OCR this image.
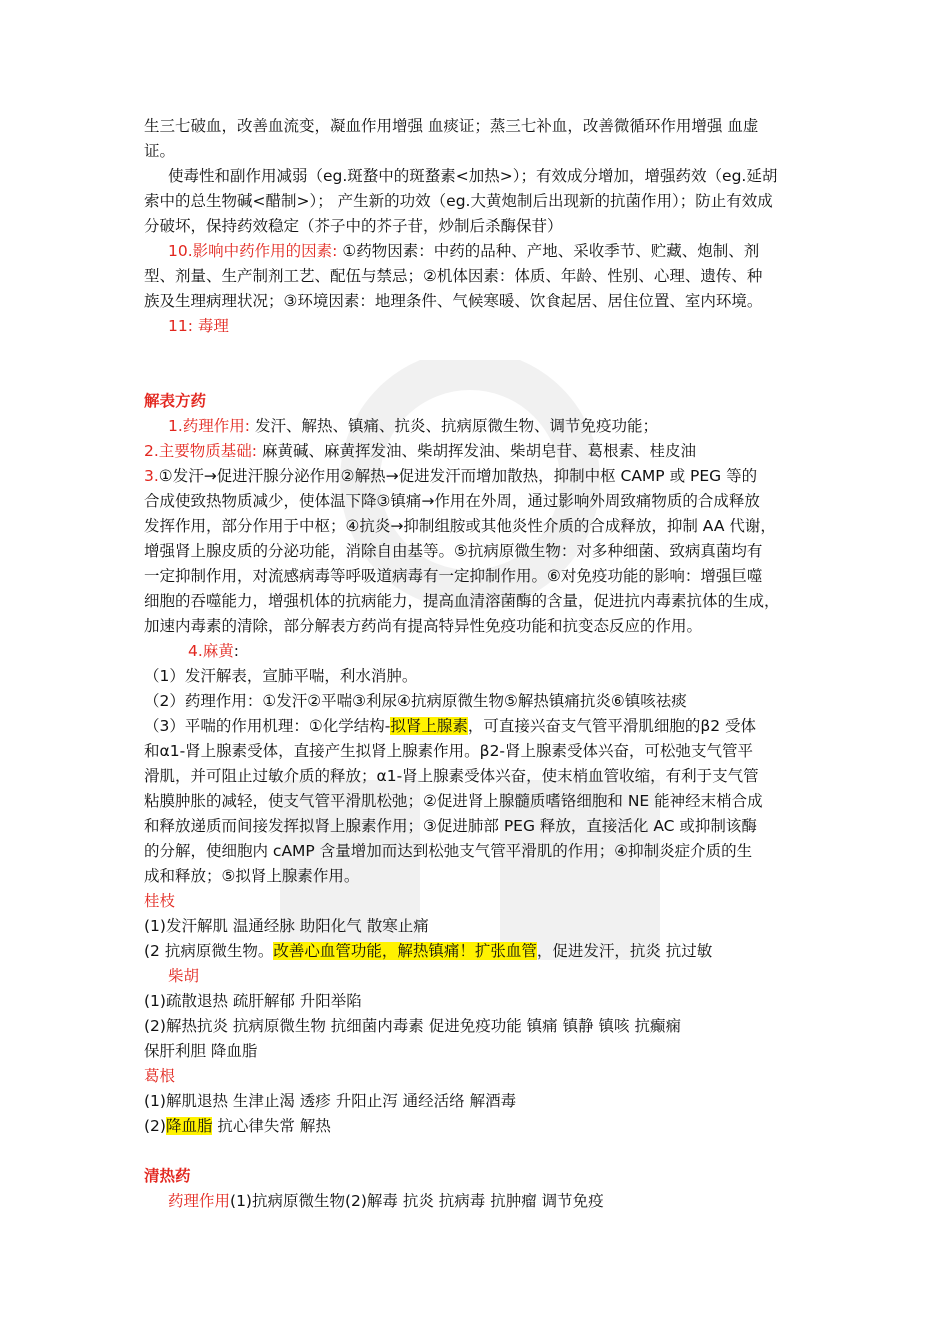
生三七破血，改善血流变，凝血作用增强 血痰证；蒸三七补血，改善微循环作用增强 血虚
证。
使毒性和副作用减弱（eg.斑蝥中的斑蝥素<加热>）；有效成分增加，增强药效（eg.延胡
索中的总生物碱<醋制>）； 产生新的功效（eg.大黄炮制后出现新的抗菌作用）；防止有效成
分破坏，保持药效稳定（芥子中的芥子苷，炒制后杀酶保苷）
10.影响中药作用的因素: ①药物因素：中药的品种、产地、采收季节、贮藏、炮制、剂
型、剂量、生产制剂工艺、配伍与禁忌；②机体因素：体质、年龄、性别、心理、遗传、种
族及生理病理状况；③环境因素：地理条件、气候寒暖、饮食起居、居住位置、室内环境。
11: 毒理
解表方药
1.药理作用: 发汗、解热、镇痛、抗炎、抗病原微生物、调节免疫功能；
2.主要物质基础: 麻黄碱、麻黄挥发油、柴胡挥发油、柴胡皂苷、葛根素、桂皮油
3.①发汗→促进汗腺分泌作用②解热→促进发汗而增加散热，抑制中枢 CAMP 或 PEG 等的
合成使致热物质减少，使体温下降③镇痛→作用在外周，通过影响外周致痛物质的合成释放
发挥作用，部分作用于中枢；④抗炎→抑制组胺或其他炎性介质的合成释放，抑制 AA 代谢，
增强肾上腺皮质的分泌功能，消除自由基等。⑤抗病原微生物：对多种细菌、致病真菌均有
一定抑制作用，对流感病毒等呼吸道病毒有一定抑制作用。⑥对免疫功能的影响：增强巨噬
细胞的吞噬能力，增强机体的抗病能力，提高血清溶菌酶的含量，促进抗内毒素抗体的生成，
加速内毒素的清除，部分解表方药尚有提高特异性免疫功能和抗变态反应的作用。
4.麻黄:
（1）发汗解表，宣肺平喘，利水消肿。
（2）药理作用：①发汗②平喘③利尿④抗病原微生物⑤解热镇痛抗炎⑥镇咳祛痰
（3）平喘的作用机理：①化学结构-拟肾上腺素，可直接兴奋支气管平滑肌细胞的β2 受体
和α1-肾上腺素受体，直接产生拟肾上腺素作用。β2-肾上腺素受体兴奋，可松弛支气管平
滑肌，并可阻止过敏介质的释放；α1-肾上腺素受体兴奋，使末梢血管收缩，有利于支气管
粘膜肿胀的减轻，使支气管平滑肌松弛；②促进肾上腺髓质嗜铬细胞和 NE 能神经末梢合成
和释放递质而间接发挥拟肾上腺素作用；③促进肺部 PEG 释放，直接活化 AC 或抑制该酶
的分解，使细胞内 cAMP 含量增加而达到松弛支气管平滑肌的作用；④抑制炎症介质的生
成和释放；⑤拟肾上腺素作用。
桂枝
(1)发汗解肌 温通经脉 助阳化气 散寒止痛
(2 抗病原微生物。改善心血管功能，解热镇痛！扩张血管，促进发汗，抗炎 抗过敏
柴胡
(1)疏散退热 疏肝解郁 升阳举陷
(2)解热抗炎 抗病原微生物 抗细菌内毒素 促进免疫功能 镇痛 镇静 镇咳 抗癫痫
保肝利胆 降血脂
葛根
(1)解肌退热 生津止渴 透疹 升阳止泻 通经活络 解酒毒
(2)降血脂 抗心律失常 解热
清热药
药理作用(1)抗病原微生物(2)解毒 抗炎 抗病毒 抗肿瘤 调节免疫
